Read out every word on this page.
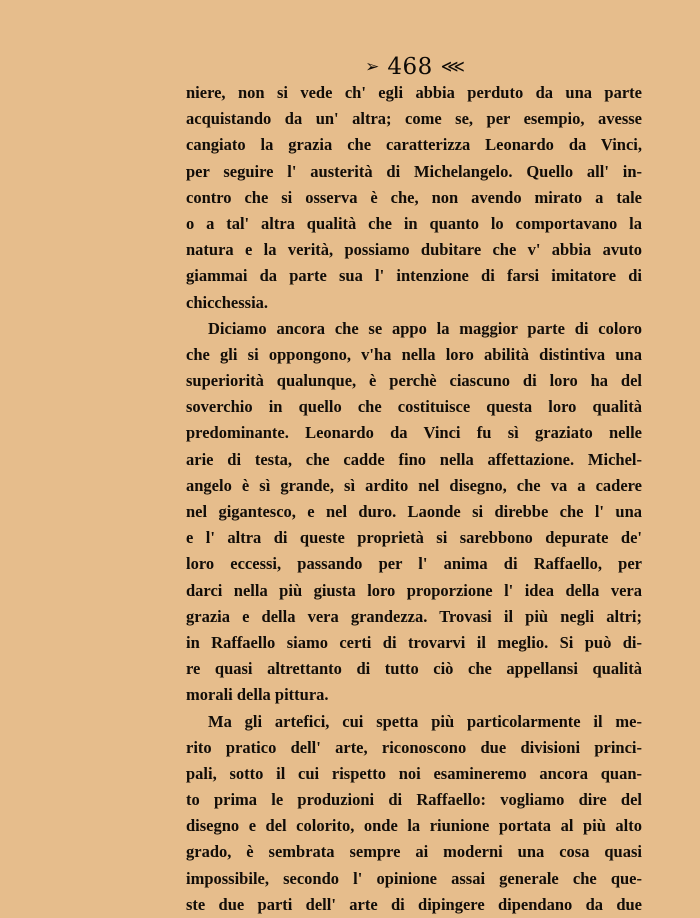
➢ 468 ⋘
niere, non si vede ch' egli abbia perduto da una parte
acquistando da un' altra; come se, per esempio, avesse
cangiato la grazia che caratterizza Leonardo da Vinci,
per seguire l' austerità di Michelangelo. Quello all' in-
contro che si osserva è che, non avendo mirato a tale
o a tal' altra qualità che in quanto lo comportavano la
natura e la verità, possiamo dubitare che v' abbia avuto
giammai da parte sua l' intenzione di farsi imitatore di
chicchessia.
Diciamo ancora che se appo la maggior parte di coloro
che gli si oppongono, v'ha nella loro abilità distintiva una
superiorità qualunque, è perchè ciascuno di loro ha del
soverchio in quello che costituisce questa loro qualità
predominante. Leonardo da Vinci fu sì graziato nelle
arie di testa, che cadde fino nella affettazione. Michel-
angelo è sì grande, sì ardito nel disegno, che va a cadere
nel gigantesco, e nel duro. Laonde si direbbe che l' una
e l' altra di queste proprietà si sarebbono depurate de'
loro eccessi, passando per l' anima di Raffaello, per
darci nella più giusta loro proporzione l' idea della vera
grazia e della vera grandezza. Trovasi il più negli altri;
in Raffaello siamo certi di trovarvi il meglio. Si può di-
re quasi altrettanto di tutto ciò che appellansi qualità
morali della pittura.
Ma gli artefici, cui spetta più particolarmente il me-
rito pratico dell' arte, riconoscono due divisioni princi-
pali, sotto il cui rispetto noi esamineremo ancora quan-
to prima le produzioni di Raffaello: vogliamo dire del
disegno e del colorito, onde la riunione portata al più alto
grado, è sembrata sempre ai moderni una cosa quasi
impossibile, secondo l' opinione assai generale che que-
ste due parti dell' arte di dipingere dipendano da due
